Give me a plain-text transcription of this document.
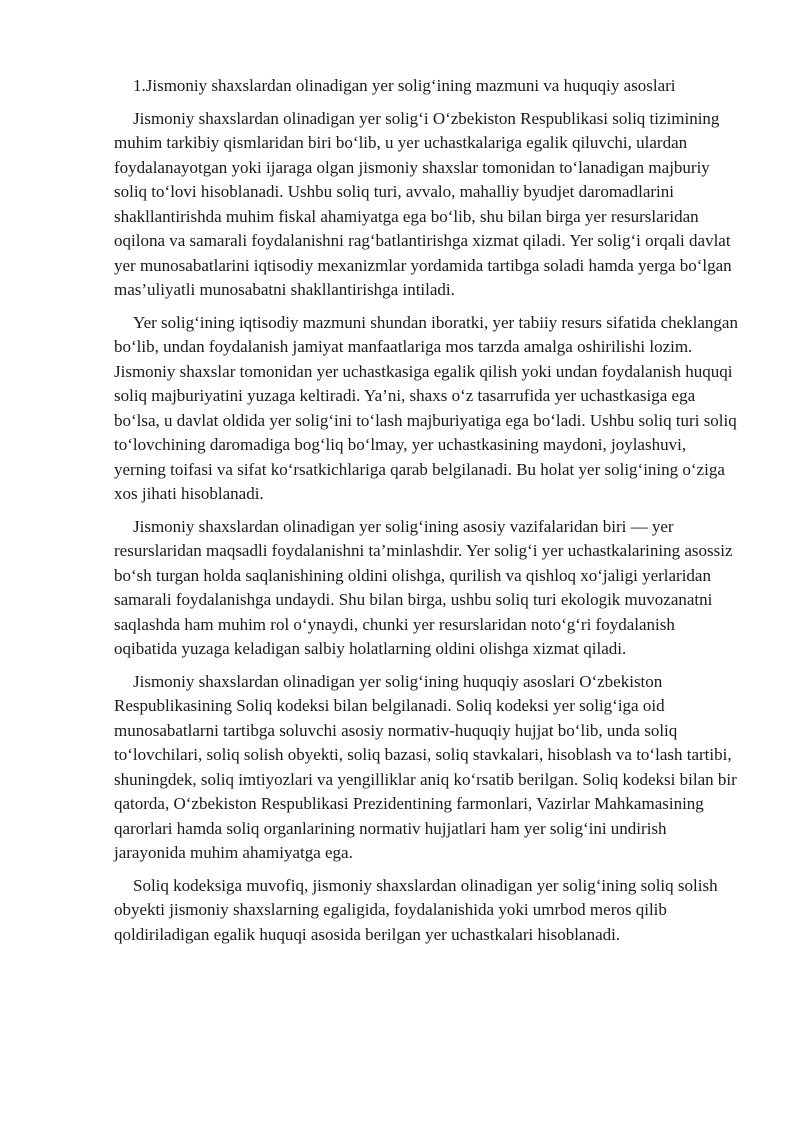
1.Jismoniy shaxslardan olinadigan yer solig‘ining mazmuni va huquqiy asoslari

Jismoniy shaxslardan olinadigan yer solig‘i O‘zbekiston Respublikasi soliq tizimining muhim tarkibiy qismlaridan biri bo‘lib, u yer uchastkalariga egalik qiluvchi, ulardan foydalanayotgan yoki ijaraga olgan jismoniy shaxslar tomonidan to‘lanadigan majburiy soliq to‘lovi hisoblanadi. Ushbu soliq turi, avvalo, mahalliy byudjet daromadlarini shakllantirishda muhim fiskal ahamiyatga ega bo‘lib, shu bilan birga yer resurslaridan oqilona va samarali foydalanishni rag‘batlantirishga xizmat qiladi. Yer solig‘i orqali davlat yer munosabatlarini iqtisodiy mexanizmlar yordamida tartibga soladi hamda yerga bo‘lgan mas’uliyatli munosabatni shakllantirishga intiladi.

Yer solig‘ining iqtisodiy mazmuni shundan iboratki, yer tabiiy resurs sifatida cheklangan bo‘lib, undan foydalanish jamiyat manfaatlariga mos tarzda amalga oshirilishi lozim. Jismoniy shaxslar tomonidan yer uchastkasiga egalik qilish yoki undan foydalanish huquqi soliq majburiyatini yuzaga keltiradi. Ya’ni, shaxs o‘z tasarrufida yer uchastkasiga ega bo‘lsa, u davlat oldida yer solig‘ini to‘lash majburiyatiga ega bo‘ladi. Ushbu soliq turi soliq to‘lovchining daromadiga bog‘liq bo‘lmay, yer uchastkasining maydoni, joylashuvi, yerning toifasi va sifat ko‘rsatkichlariga qarab belgilanadi. Bu holat yer solig‘ining o‘ziga xos jihati hisoblanadi.

Jismoniy shaxslardan olinadigan yer solig‘ining asosiy vazifalaridan biri — yer resurslaridan maqsadli foydalanishni ta’minlashdir. Yer solig‘i yer uchastkalarining asossiz bo‘sh turgan holda saqlanishining oldini olishga, qurilish va qishloq xo‘jaligi yerlaridan samarali foydalanishga undaydi. Shu bilan birga, ushbu soliq turi ekologik muvozanatni saqlashda ham muhim rol o‘ynaydi, chunki yer resurslaridan noto‘g‘ri foydalanish oqibatida yuzaga keladigan salbiy holatlarning oldini olishga xizmat qiladi.

Jismoniy shaxslardan olinadigan yer solig‘ining huquqiy asoslari O‘zbekiston Respublikasining Soliq kodeksi bilan belgilanadi. Soliq kodeksi yer solig‘iga oid munosabatlarni tartibga soluvchi asosiy normativ-huquqiy hujjat bo‘lib, unda soliq to‘lovchilari, soliq solish obyekti, soliq bazasi, soliq stavkalari, hisoblash va to‘lash tartibi, shuningdek, soliq imtiyozlari va yengilliklar aniq ko‘rsatib berilgan. Soliq kodeksi bilan bir qatorda, O‘zbekiston Respublikasi Prezidentining farmonlari, Vazirlar Mahkamasining qarorlari hamda soliq organlarining normativ hujjatlari ham yer solig‘ini undirish jarayonida muhim ahamiyatga ega.

Soliq kodeksiga muvofiq, jismoniy shaxslardan olinadigan yer solig‘ining soliq solish obyekti jismoniy shaxslarning egaligida, foydalanishida yoki umrbod meros qilib qoldiriladigan egalik huquqi asosida berilgan yer uchastkalari hisoblanadi.
